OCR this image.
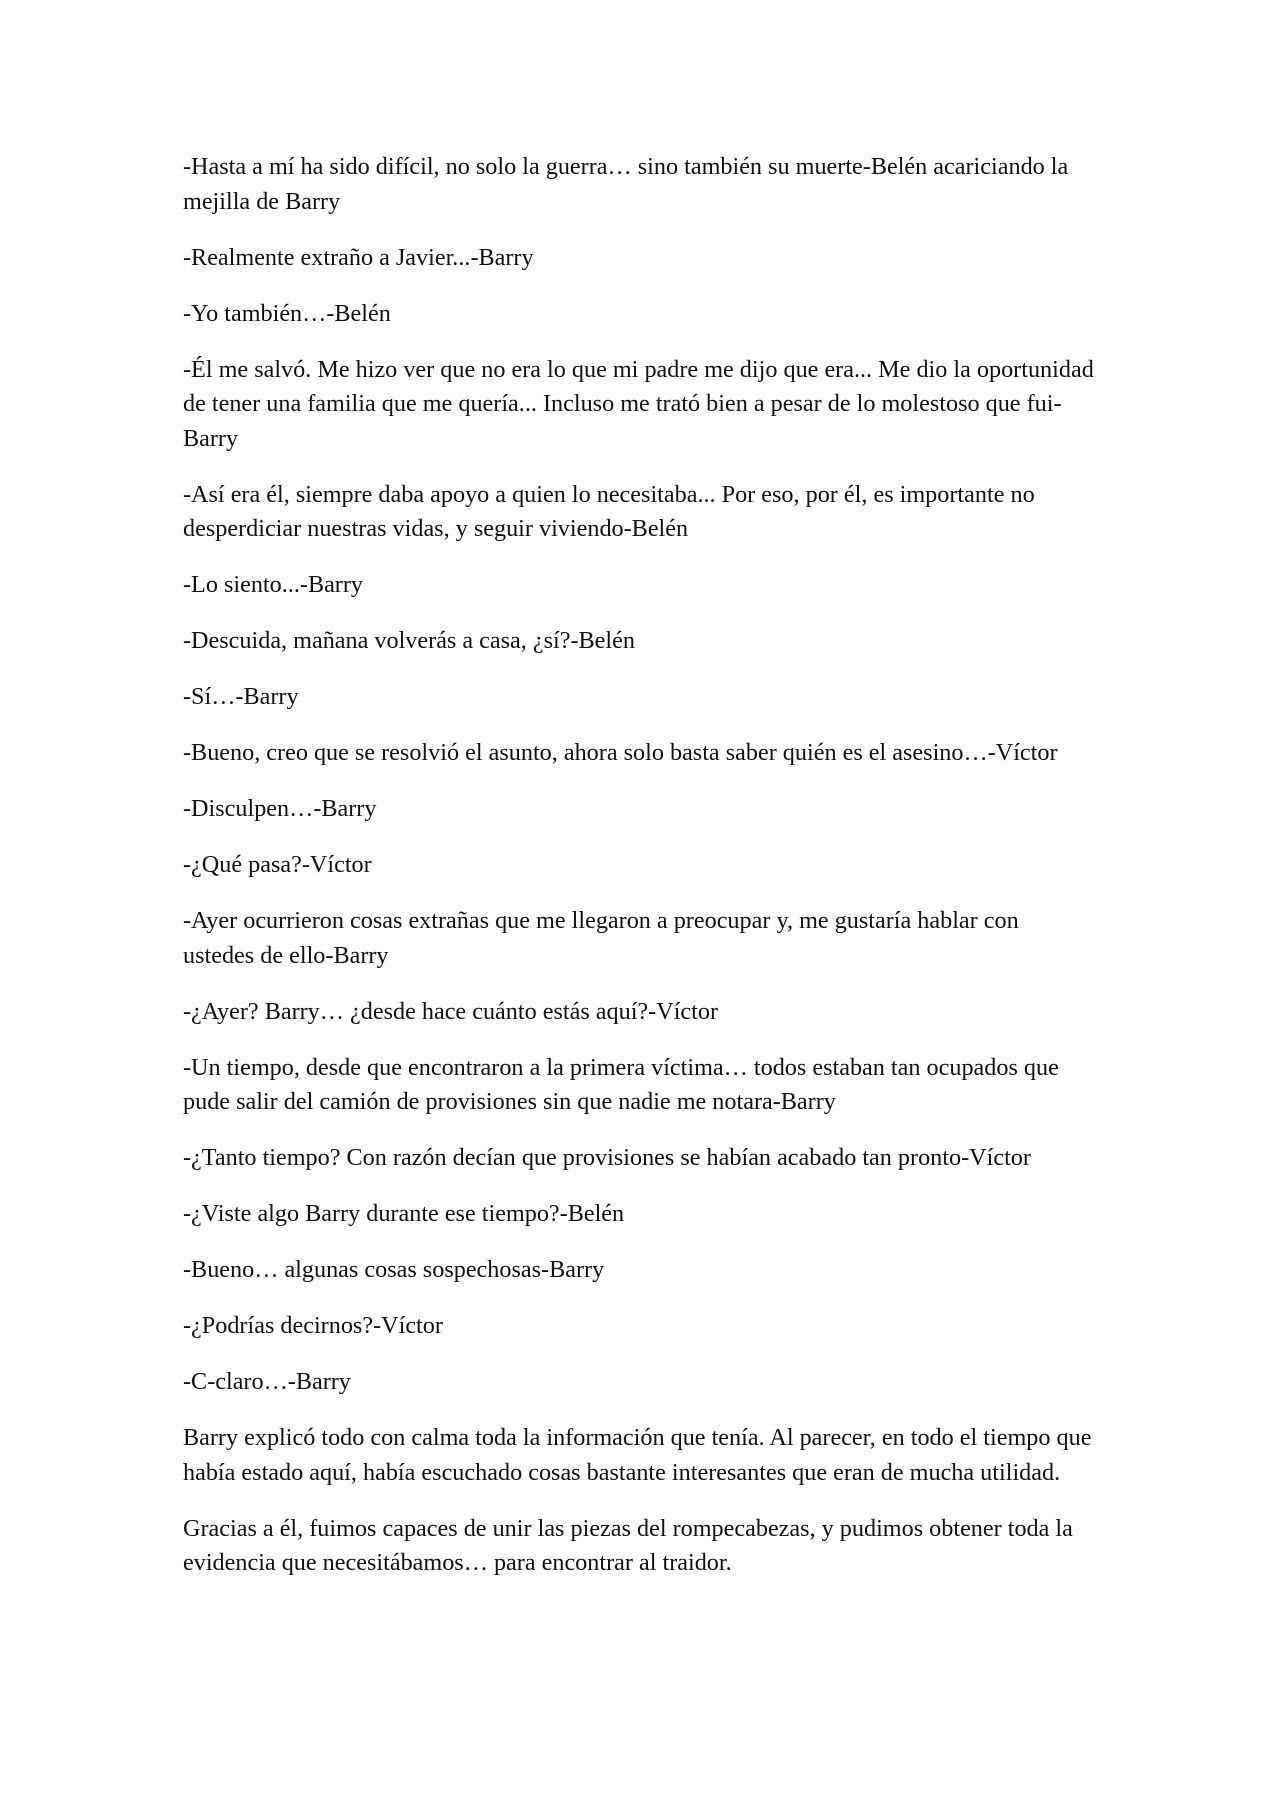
-Hasta a mí ha sido difícil, no solo la guerra… sino también su muerte-Belén acariciando la mejilla de Barry

-Realmente extraño a Javier...-Barry

-Yo también…-Belén

-Él me salvó. Me hizo ver que no era lo que mi padre me dijo que era... Me dio la oportunidad de tener una familia que me quería... Incluso me trató bien a pesar de lo molestoso que fui-Barry

-Así era él, siempre daba apoyo a quien lo necesitaba... Por eso, por él, es importante no desperdiciar nuestras vidas, y seguir viviendo-Belén

-Lo siento...-Barry

-Descuida, mañana volverás a casa, ¿sí?-Belén

-Sí…-Barry

-Bueno, creo que se resolvió el asunto, ahora solo basta saber quién es el asesino…-Víctor

-Disculpen…-Barry

-¿Qué pasa?-Víctor

-Ayer ocurrieron cosas extrañas que me llegaron a preocupar y, me gustaría hablar con ustedes de ello-Barry

-¿Ayer? Barry… ¿desde hace cuánto estás aquí?-Víctor

-Un tiempo, desde que encontraron a la primera víctima… todos estaban tan ocupados que pude salir del camión de provisiones sin que nadie me notara-Barry

-¿Tanto tiempo? Con razón decían que provisiones se habían acabado tan pronto-Víctor

-¿Viste algo Barry durante ese tiempo?-Belén

-Bueno… algunas cosas sospechosas-Barry

-¿Podrías decirnos?-Víctor

-C-claro…-Barry

Barry explicó todo con calma toda la información que tenía. Al parecer, en todo el tiempo que había estado aquí, había escuchado cosas bastante interesantes que eran de mucha utilidad.

Gracias a él, fuimos capaces de unir las piezas del rompecabezas, y pudimos obtener toda la evidencia que necesitábamos… para encontrar al traidor.
